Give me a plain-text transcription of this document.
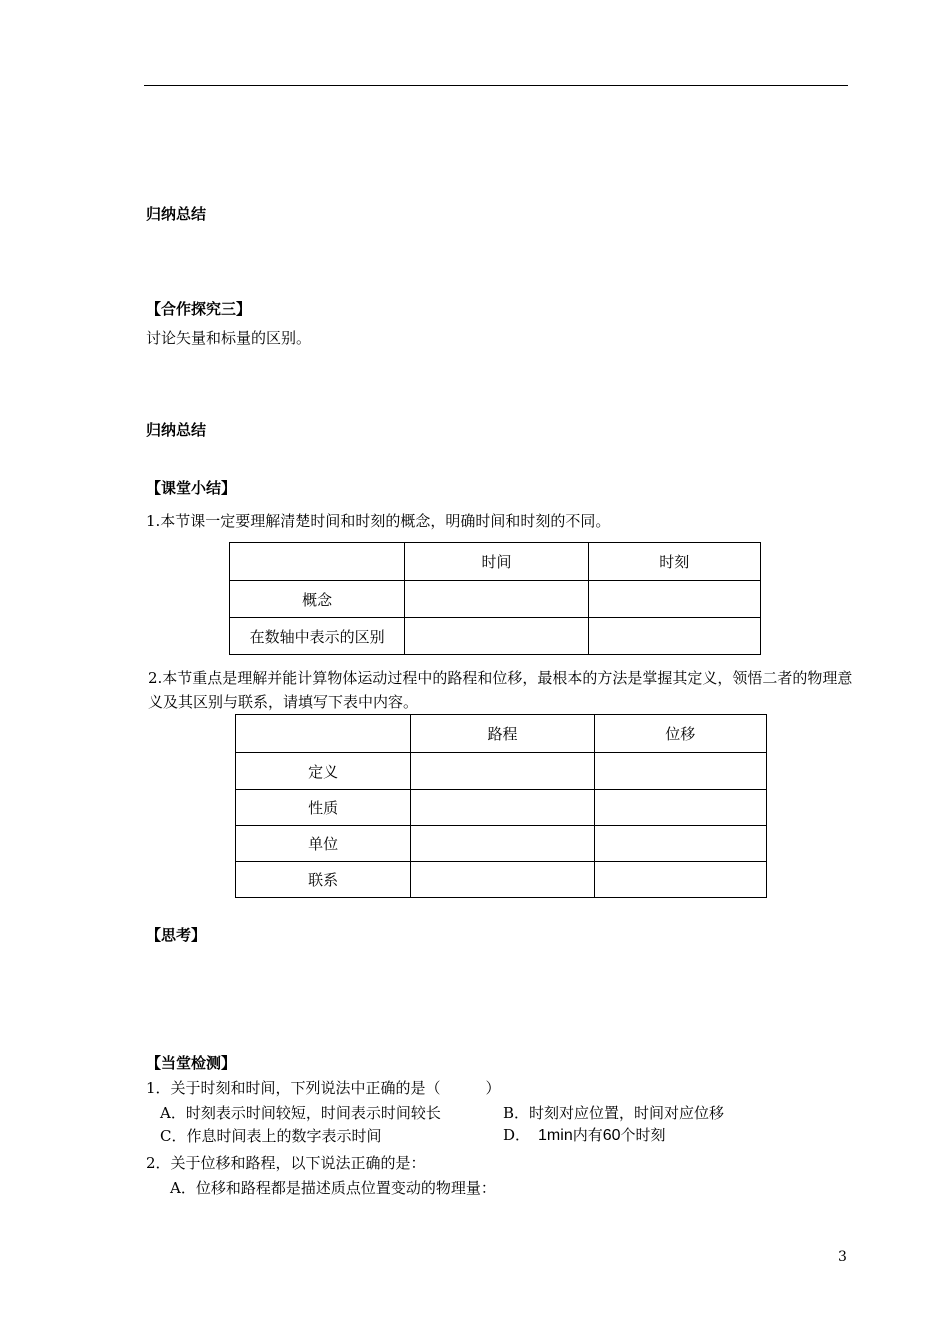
归纳总结
【合作探究三】
讨论矢量和标量的区别。
归纳总结
【课堂小结】
1.本节课一定要理解清楚时间和时刻的概念，明确时间和时刻的不同。
	时间	时刻
概念		
在数轴中表示的区别		
2.本节重点是理解并能计算物体运动过程中的路程和位移，最根本的方法是掌握其定义，领悟二者的物理意义及其区别与联系，请填写下表中内容。
	路程	位移
定义		
性质		
单位		
联系		
【思考】
【当堂检测】
1．关于时刻和时间，下列说法中正确的是（　　　）
A．时刻表示时间较短，时间表示时间较长	B．时刻对应位置，时间对应位移
C．作息时间表上的数字表示时间	D． 1min内有60个时刻
2．关于位移和路程，以下说法正确的是：
A．位移和路程都是描述质点位置变动的物理量：
3
